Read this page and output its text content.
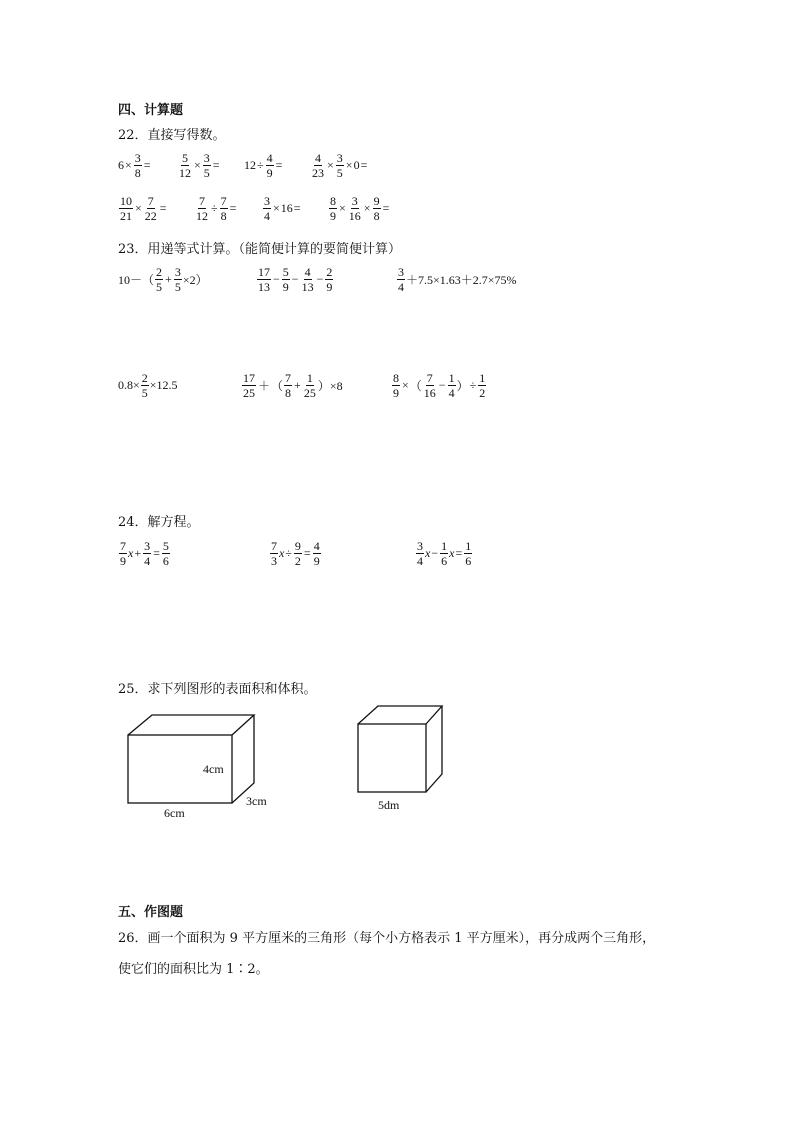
四、计算题
22．直接写得数。
$6 \times \frac{3}{8} = \frac{5}{12} \times \frac{3}{5} = 12 \div \frac{4}{9} = \frac{4}{23} \times \frac{3}{5} \times 0$ =
$\frac{10}{21} \times \frac{7}{22} = \frac{7}{12} \div \frac{7}{8} = \frac{3}{4} \times 16 = \frac{8}{9} \times \frac{3}{16} \times \frac{9}{8}$ =
23．用递等式计算。（能简便计算的要简便计算）
10－ （ $\frac{2}{5} + \frac{3}{5} \times 2$）	$\frac{17}{13} - \frac{5}{9} - \frac{4}{13} - \frac{2}{9}$	$\frac{3}{4} +7.5\times 1.63+2.7\times 75\%$
$0.8\times \frac{2}{5} \times 12.5$	$\frac{17}{25}$ ＋ （ $\frac{7}{8} + \frac{1}{25} )\times 8$	$\frac{8}{9}$ × （ $\frac{7}{16} - \frac{1}{4}$ ） ÷ $\frac{1}{2}$
24．解方程。
$\frac{7}{9}$ $x + \frac{3}{4} = \frac{5}{6}$	$\frac{7}{3}$ $x \div \frac{9}{2} = \frac{4}{9}$	$\frac{3}{4}$ $x - \frac{1}{6}$ $x = \frac{1}{6}$
25．求下列图形的表面积和体积。
4cm
6cm
3cm	5dm
五、作图题
26．画一个面积为 9 平方厘米的三角形（每个小方格表示 1 平方厘米），再分成两个三角形，
使它们的面积比为 1∶2。
